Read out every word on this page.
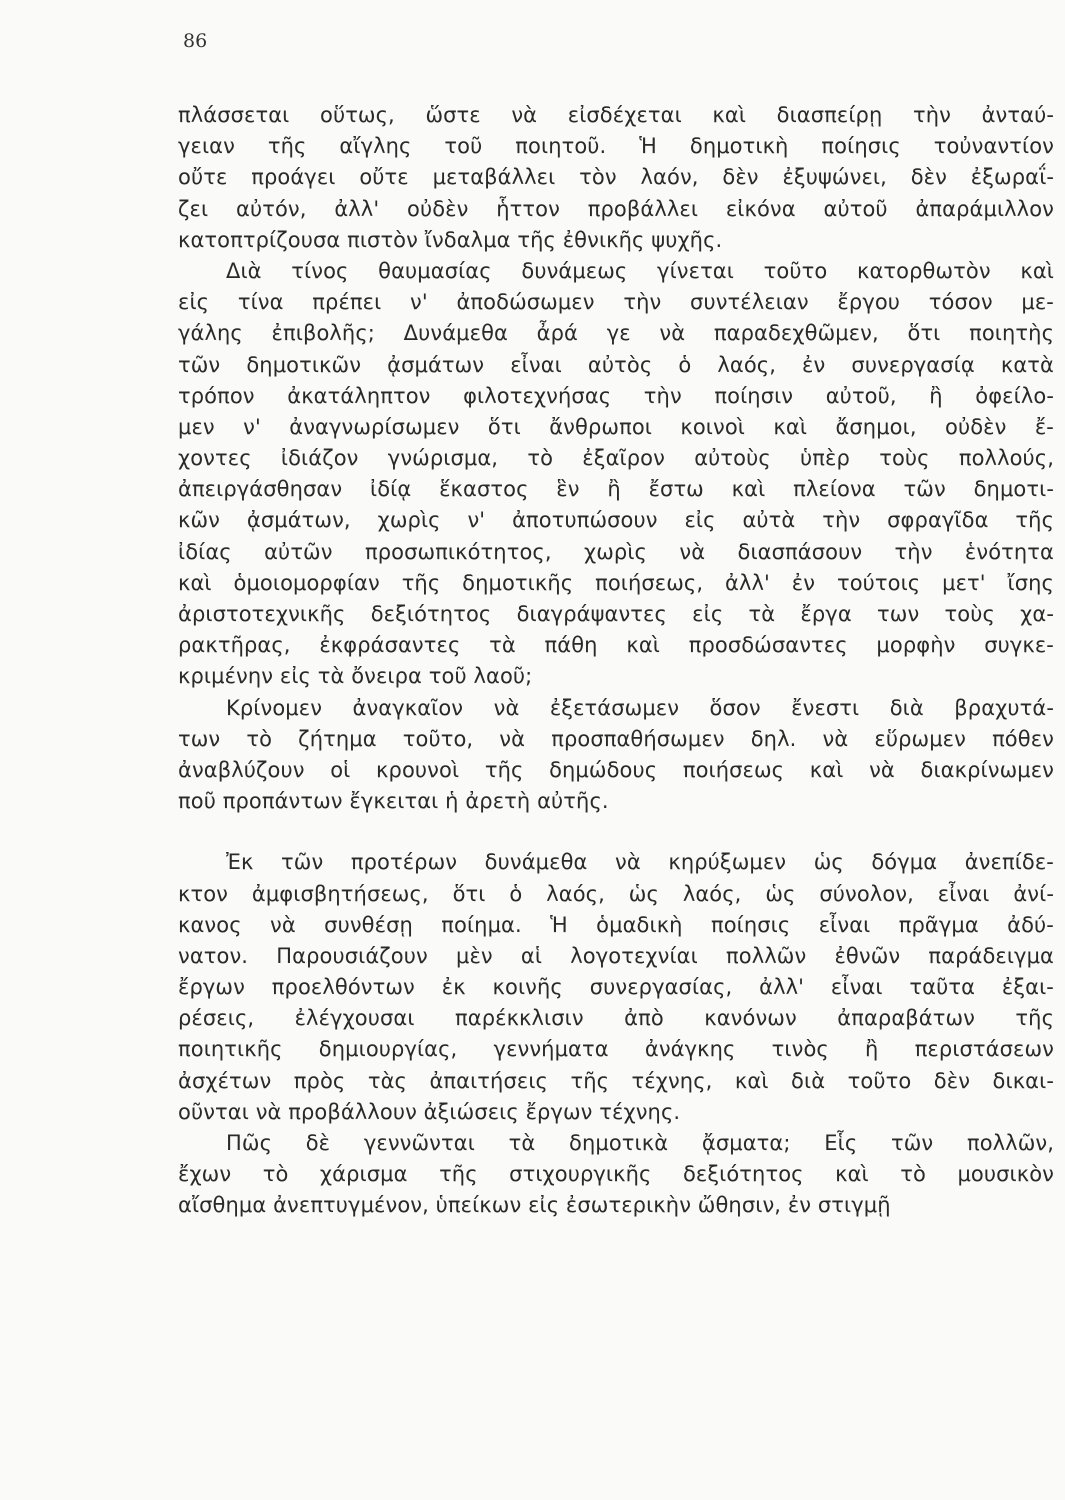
86
πλάσσεται οὕτως, ὥστε νὰ εἰσδέχεται καὶ διασπείρῃ τὴν ἀνταύ-
γειαν τῆς αἴγλης τοῦ ποιητοῦ. Ἡ δημοτικὴ ποίησις τοὐναντίον
οὔτε προάγει οὔτε μεταβάλλει τὸν λαόν, δὲν ἐξυψώνει, δὲν ἐξωραΐ-
ζει αὐτόν, ἀλλ' οὐδὲν ἧττον προβάλλει εἰκόνα αὐτοῦ ἀπαράμιλλον
κατοπτρίζουσα πιστὸν ἴνδαλμα τῆς ἐθνικῆς ψυχῆς.
Διὰ τίνος θαυμασίας δυνάμεως γίνεται τοῦτο κατορθωτὸν καὶ
εἰς τίνα πρέπει ν' ἀποδώσωμεν τὴν συντέλειαν ἔργου τόσον με-
γάλης ἐπιβολῆς; Δυνάμεθα ἆρά γε νὰ παραδεχθῶμεν, ὅτι ποιητὴς
τῶν δημοτικῶν ᾀσμάτων εἶναι αὐτὸς ὁ λαός, ἐν συνεργασίᾳ κατὰ
τρόπον ἀκατάληπτον φιλοτεχνήσας τὴν ποίησιν αὐτοῦ, ἢ ὀφείλο-
μεν ν' ἀναγνωρίσωμεν ὅτι ἄνθρωποι κοινοὶ καὶ ἄσημοι, οὐδὲν ἔ-
χοντες ἰδιάζον γνώρισμα, τὸ ἐξαῖρον αὐτοὺς ὑπὲρ τοὺς πολλούς,
ἀπειργάσθησαν ἰδίᾳ ἕκαστος ἓν ἢ ἔστω καὶ πλείονα τῶν δημοτι-
κῶν ᾀσμάτων, χωρὶς ν' ἀποτυπώσουν εἰς αὐτὰ τὴν σφραγῖδα τῆς
ἰδίας αὐτῶν προσωπικότητος, χωρὶς νὰ διασπάσουν τὴν ἑνότητα
καὶ ὁμοιομορφίαν τῆς δημοτικῆς ποιήσεως, ἀλλ' ἐν τούτοις μετ' ἴσης
ἀριστοτεχνικῆς δεξιότητος διαγράψαντες εἰς τὰ ἔργα των τοὺς χα-
ρακτῆρας, ἐκφράσαντες τὰ πάθη καὶ προσδώσαντες μορφὴν συγκε-
κριμένην εἰς τὰ ὄνειρα τοῦ λαοῦ;
Κρίνομεν ἀναγκαῖον νὰ ἐξετάσωμεν ὅσον ἔνεστι διὰ βραχυτά-
των τὸ ζήτημα τοῦτο, νὰ προσπαθήσωμεν δηλ. νὰ εὕρωμεν πόθεν
ἀναβλύζουν οἱ κρουνοὶ τῆς δημώδους ποιήσεως καὶ νὰ διακρίνωμεν
ποῦ προπάντων ἔγκειται ἡ ἀρετὴ αὐτῆς.
Ἐκ τῶν προτέρων δυνάμεθα νὰ κηρύξωμεν ὡς δόγμα ἀνεπίδε-
κτον ἀμφισβητήσεως, ὅτι ὁ λαός, ὡς λαός, ὡς σύνολον, εἶναι ἀνί-
κανος νὰ συνθέσῃ ποίημα. Ἡ ὁμαδικὴ ποίησις εἶναι πρᾶγμα ἀδύ-
νατον. Παρουσιάζουν μὲν αἱ λογοτεχνίαι πολλῶν ἐθνῶν παράδειγμα
ἔργων προελθόντων ἐκ κοινῆς συνεργασίας, ἀλλ' εἶναι ταῦτα ἐξαι-
ρέσεις, ἐλέγχουσαι παρέκκλισιν ἀπὸ κανόνων ἀπαραβάτων τῆς
ποιητικῆς δημιουργίας, γεννήματα ἀνάγκης τινὸς ἢ περιστάσεων
ἀσχέτων πρὸς τὰς ἀπαιτήσεις τῆς τέχνης, καὶ διὰ τοῦτο δὲν δικαι-
οῦνται νὰ προβάλλουν ἀξιώσεις ἔργων τέχνης.
Πῶς δὲ γεννῶνται τὰ δημοτικὰ ᾄσματα; Εἷς τῶν πολλῶν,
ἔχων τὸ χάρισμα τῆς στιχουργικῆς δεξιότητος καὶ τὸ μουσικὸν
αἴσθημα ἀνεπτυγμένον, ὑπείκων εἰς ἐσωτερικὴν ὤθησιν, ἐν στιγμῇ
